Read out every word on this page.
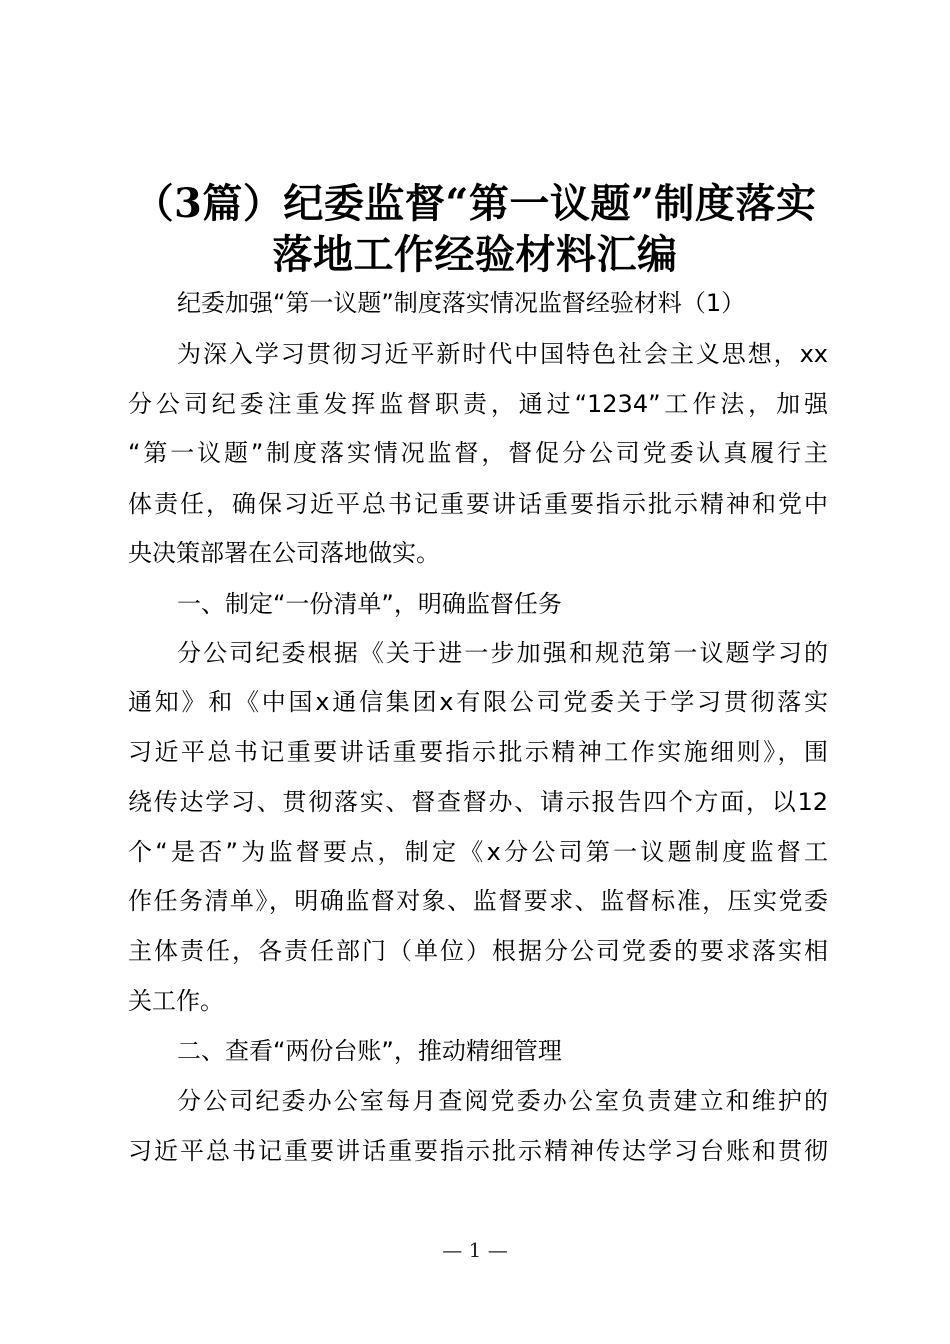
（3篇）纪委监督“第一议题”制度落实
落地工作经验材料汇编
纪委加强“第一议题”制度落实情况监督经验材料（1）
为深入学习贯彻习近平新时代中国特色社会主义思想，xx
分公司纪委注重发挥监督职责，通过“1234”工作法，加强
“第一议题”制度落实情况监督，督促分公司党委认真履行主
体责任，确保习近平总书记重要讲话重要指示批示精神和党中
央决策部署在公司落地做实。
一、制定“一份清单”，明确监督任务
分公司纪委根据《关于进一步加强和规范第一议题学习的
通知》和《中国x通信集团x有限公司党委关于学习贯彻落实
习近平总书记重要讲话重要指示批示精神工作实施细则》，围
绕传达学习、贯彻落实、督查督办、请示报告四个方面，以12
个“是否”为监督要点，制定《x分公司第一议题制度监督工
作任务清单》，明确监督对象、监督要求、监督标准，压实党委
主体责任，各责任部门（单位）根据分公司党委的要求落实相
关工作。
二、查看“两份台账”，推动精细管理
分公司纪委办公室每月查阅党委办公室负责建立和维护的
习近平总书记重要讲话重要指示批示精神传达学习台账和贯彻
— 1 —
